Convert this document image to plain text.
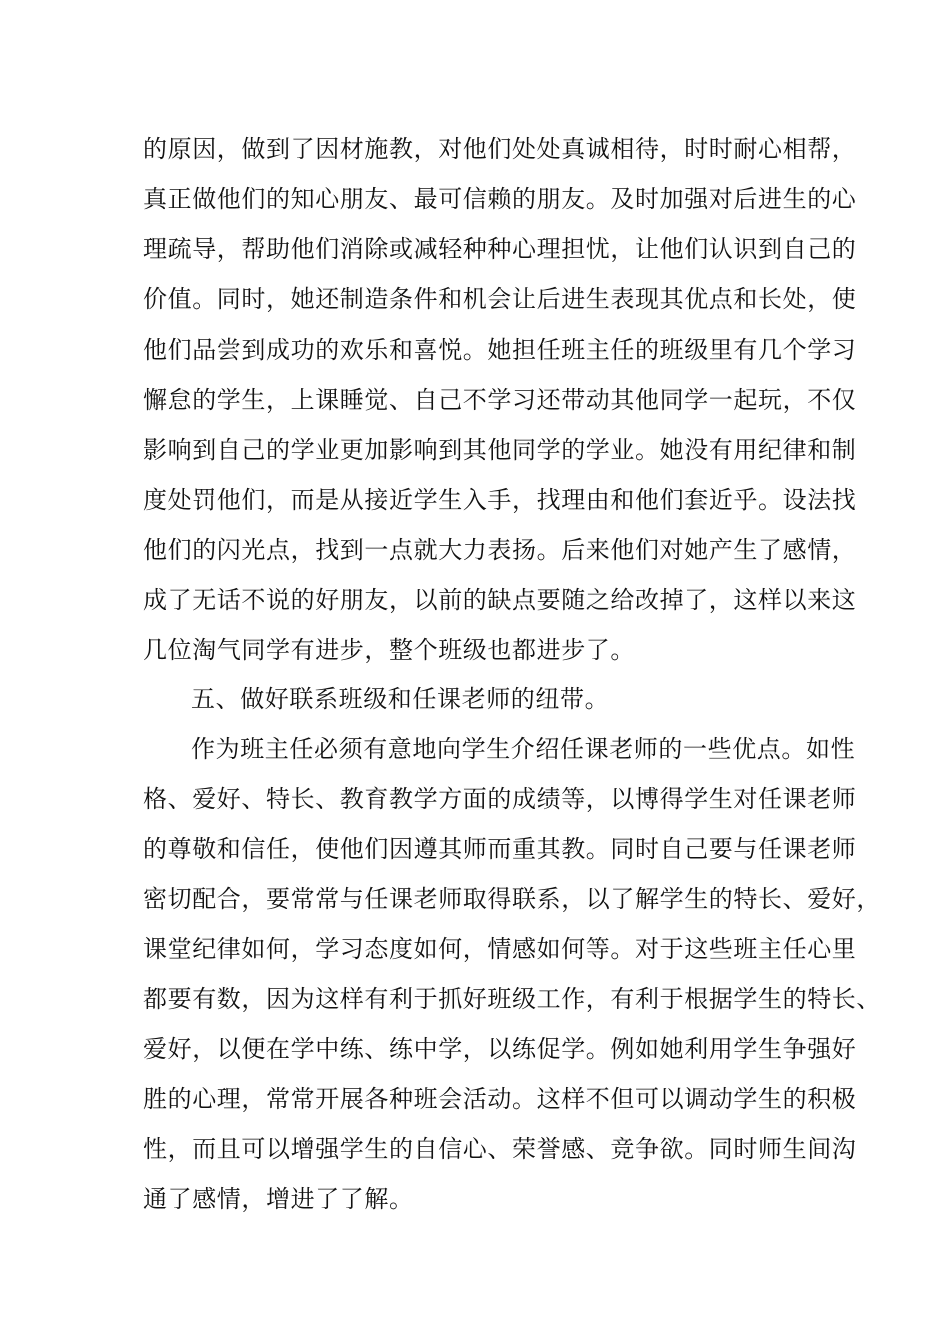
的原因，做到了因材施教，对他们处处真诚相待，时时耐心相帮，
真正做他们的知心朋友、最可信赖的朋友。及时加强对后进生的心
理疏导，帮助他们消除或减轻种种心理担忧，让他们认识到自己的
价值。同时，她还制造条件和机会让后进生表现其优点和长处，使
他们品尝到成功的欢乐和喜悦。她担任班主任的班级里有几个学习
懈怠的学生，上课睡觉、自己不学习还带动其他同学一起玩，不仅
影响到自己的学业更加影响到其他同学的学业。她没有用纪律和制
度处罚他们，而是从接近学生入手，找理由和他们套近乎。设法找
他们的闪光点，找到一点就大力表扬。后来他们对她产生了感情，
成了无话不说的好朋友，以前的缺点要随之给改掉了，这样以来这
几位淘气同学有进步，整个班级也都进步了。
五、做好联系班级和任课老师的纽带。
作为班主任必须有意地向学生介绍任课老师的一些优点。如性
格、爱好、特长、教育教学方面的成绩等，以博得学生对任课老师
的尊敬和信任，使他们因遵其师而重其教。同时自己要与任课老师
密切配合，要常常与任课老师取得联系，以了解学生的特长、爱好，
课堂纪律如何，学习态度如何，情感如何等。对于这些班主任心里
都要有数，因为这样有利于抓好班级工作，有利于根据学生的特长、
爱好，以便在学中练、练中学，以练促学。例如她利用学生争强好
胜的心理，常常开展各种班会活动。这样不但可以调动学生的积极
性，而且可以增强学生的自信心、荣誉感、竞争欲。同时师生间沟
通了感情，增进了了解。
